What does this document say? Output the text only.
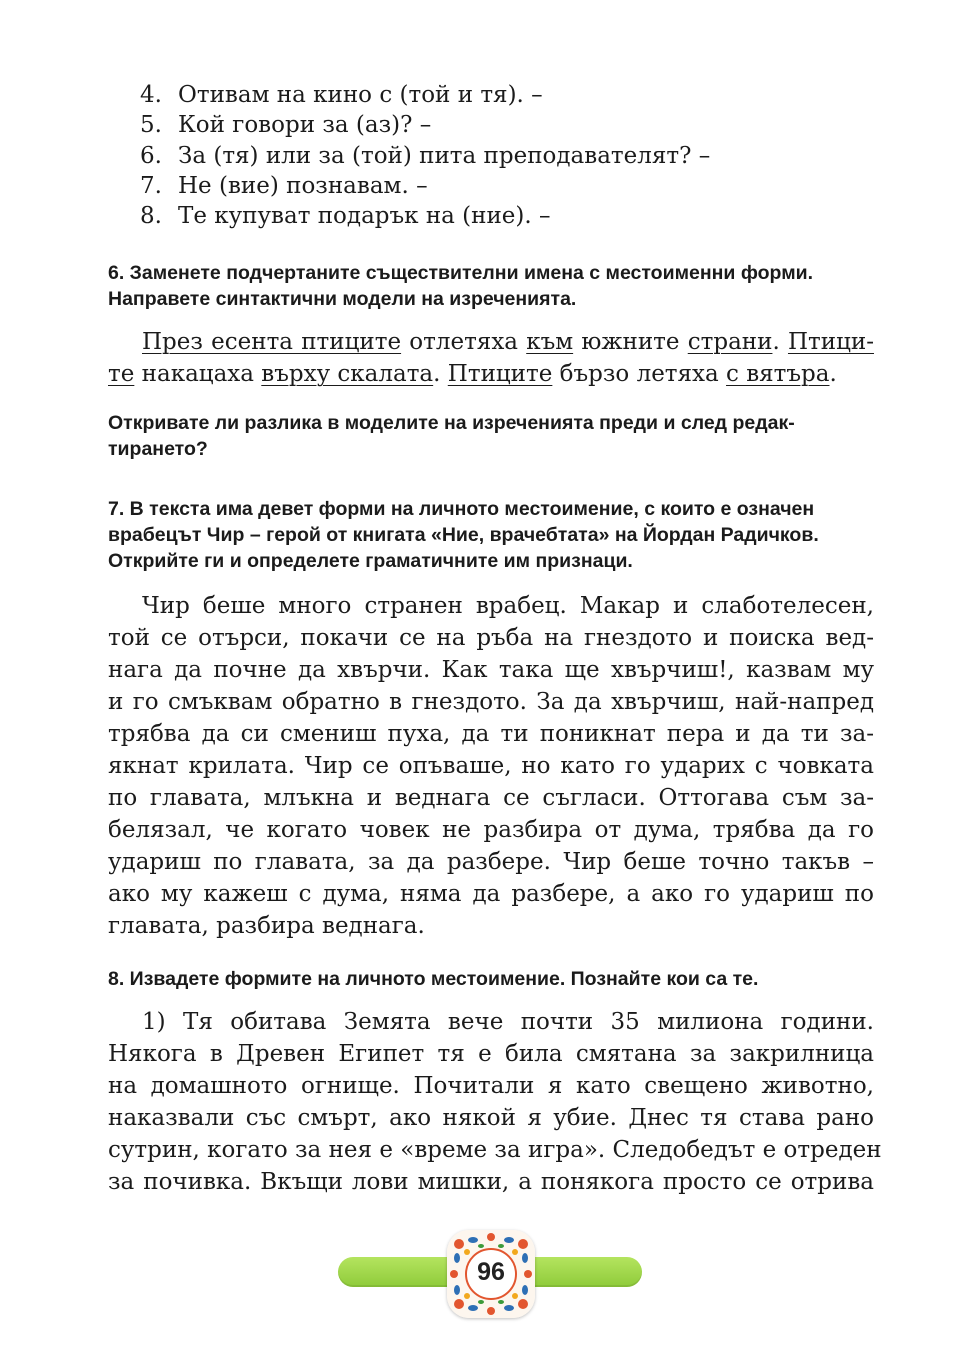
4. Отивам на кино с (той и тя). –
5. Кой говори за (аз)? –
6. За (тя) или за (той) пита преподавателят? –
7. Не (вие) познавам. –
8. Те купуват подарък на (ние). –
6. Заменете подчертаните съществителни имена с местоименни форми.
Направете синтактични модели на изреченията.
През есента птиците отлетяха към южните страни. Птици-
те накацаха върху скалата. Птиците бързо летяха с вятъра.
Откривате ли разлика в моделите на изреченията преди и след редак-
тирането?
7. В текста има девет форми на личното местоимение, с които е означен
врабецът Чир – герой от книгата «Ние, врачебтата» на Йордан Радичков.
Открийте ги и определете граматичните им признаци.
Чир беше много странен врабец. Макар и слаботелесен,
той се отърси, покачи се на ръба на гнездото и поиска вед-
нага да почне да хвърчи. Как така ще хвърчиш!, казвам му
и го смъквам обратно в гнездото. За да хвърчиш, най-напред
трябва да си смениш пуха, да ти поникнат пера и да ти за-
якнат крилата. Чир се опъваше, но като го ударих с човката
по главата, млъкна и веднага се съгласи. Оттогава съм за-
белязал, че когато човек не разбира от дума, трябва да го
удариш по главата, за да разбере. Чир беше точно такъв –
ако му кажеш с дума, няма да разбере, а ако го удариш по
главата, разбира веднага.
8. Извадете формите на личното местоимение. Познайте кои са те.
1) Тя обитава Земята вече почти 35 милиона години.
Някога в Древен Египет тя е била смятана за закрилница
на домашното огнище. Почитали я като свещено животно,
наказвали със смърт, ако някой я убие. Днес тя става рано
сутрин, когато за нея е «време за игра». Следобедът е отреден
за почивка. Вкъщи лови мишки, а понякога просто се отрива
96
